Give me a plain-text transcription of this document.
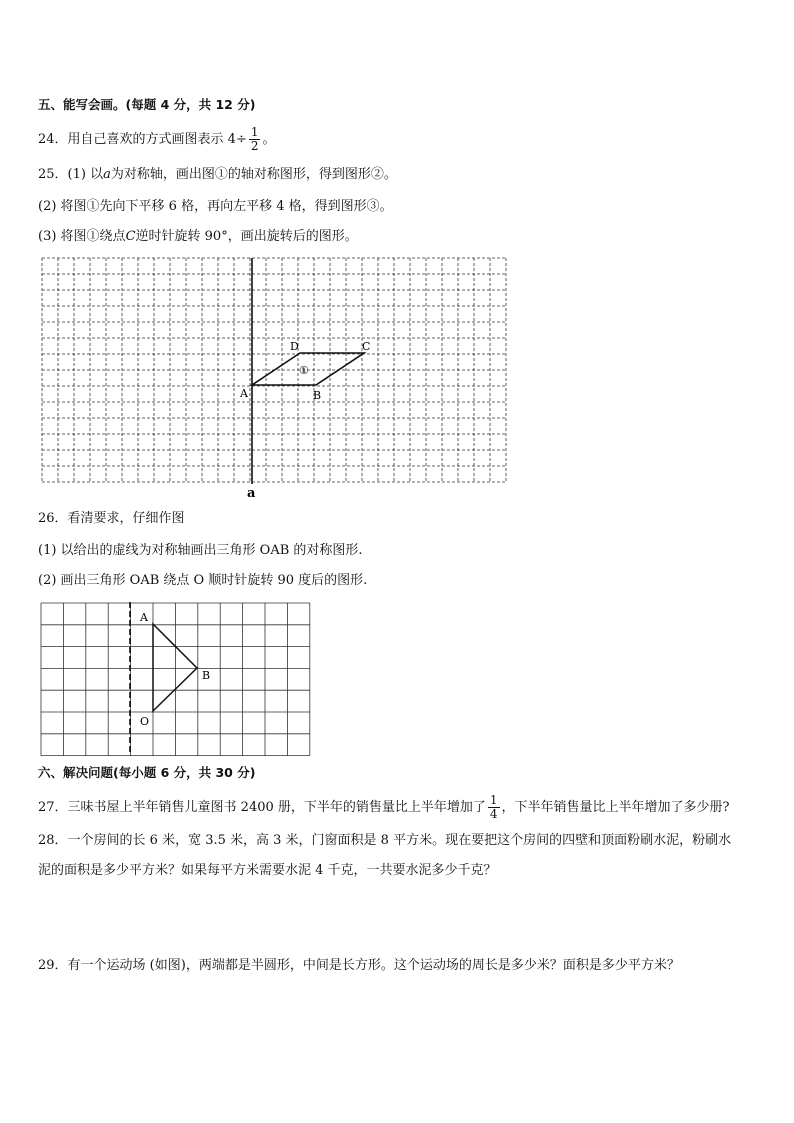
五、能写会画。(每题 4 分，共 12 分)
24．用自己喜欢的方式画图表示 $4\div \frac{1}{2}$ 。
25．(1) 以a为对称轴，画出图①的轴对称图形，得到图形②。
(2) 将图①先向下平移 6 格，再向左平移 4 格，得到图形③。
(3) 将图①绕点C逆时针旋转 90°，画出旋转后的图形。
A	B
C
D
①
a
26．看清要求，仔细作图
(1) 以给出的虚线为对称轴画出三角形 OAB 的对称图形.
(2) 画出三角形 OAB 绕点 O 顺时针旋转 90 度后的图形.
A
B
O
六、解决问题(每小题 6 分，共 30 分)
27．三味书屋上半年销售儿童图书 2400 册，下半年的销售量比上半年增加了 $\frac{1}{4}$ ，下半年销售量比上半年增加了多少册?
28．一个房间的长 6 米，宽 3.5 米，高 3 米，门窗面积是 8 平方米。现在要把这个房间的四壁和顶面粉刷水泥，粉刷水
泥的面积是多少平方米？如果每平方米需要水泥 4 千克，一共要水泥多少千克？
29．有一个运动场 (如图)，两端都是半圆形，中间是长方形。这个运动场的周长是多少米？面积是多少平方米？
